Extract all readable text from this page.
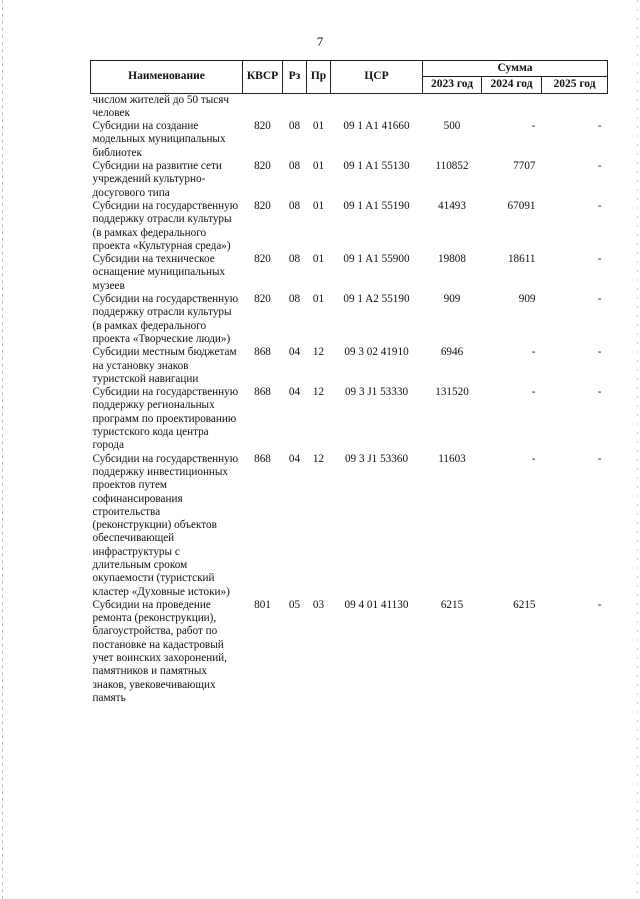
7
Наименование	КВСР	Рз	Пр	ЦСР	Сумма		
					2023 год	2024 год	2025 год
числом жителей до 50 тысяч человек							
Субсидии на создание модельных муниципальных библиотек	820	08	01	09 1 A1 41660	500	-	-
Субсидии на развитие сети учреждений культурно-досугового типа	820	08	01	09 1 A1 55130	110852	7707	-
Субсидии на государственную поддержку отрасли культуры (в рамках федерального проекта «Культурная среда»)	820	08	01	09 1 A1 55190	41493	67091	-
Субсидии на техническое оснащение муниципальных музеев	820	08	01	09 1 A1 55900	19808	18611	-
Субсидии на государственную поддержку отрасли культуры (в рамках федерального проекта «Творческие люди»)	820	08	01	09 1 A2 55190	909	909	-
Субсидии местным бюджетам на установку знаков туристской навигации	868	04	12	09 3 02 41910	6946	-	-
Субсидии на государственную поддержку региональных программ по проектированию туристского кода центра города	868	04	12	09 3 J1 53330	131520	-	-
Субсидии на государственную поддержку инвестиционных проектов путем софинансирования строительства (реконструкции) объектов обеспечивающей инфраструктуры с длительным сроком окупаемости (туристский кластер «Духовные истоки»)	868	04	12	09 3 J1 53360	11603	-	-
Субсидии на проведение ремонта (реконструкции), благоустройства, работ по постановке на кадастровый учет воинских захоронений, памятников и памятных знаков, увековечивающих память	801	05	03	09 4 01 41130	6215	6215	-
